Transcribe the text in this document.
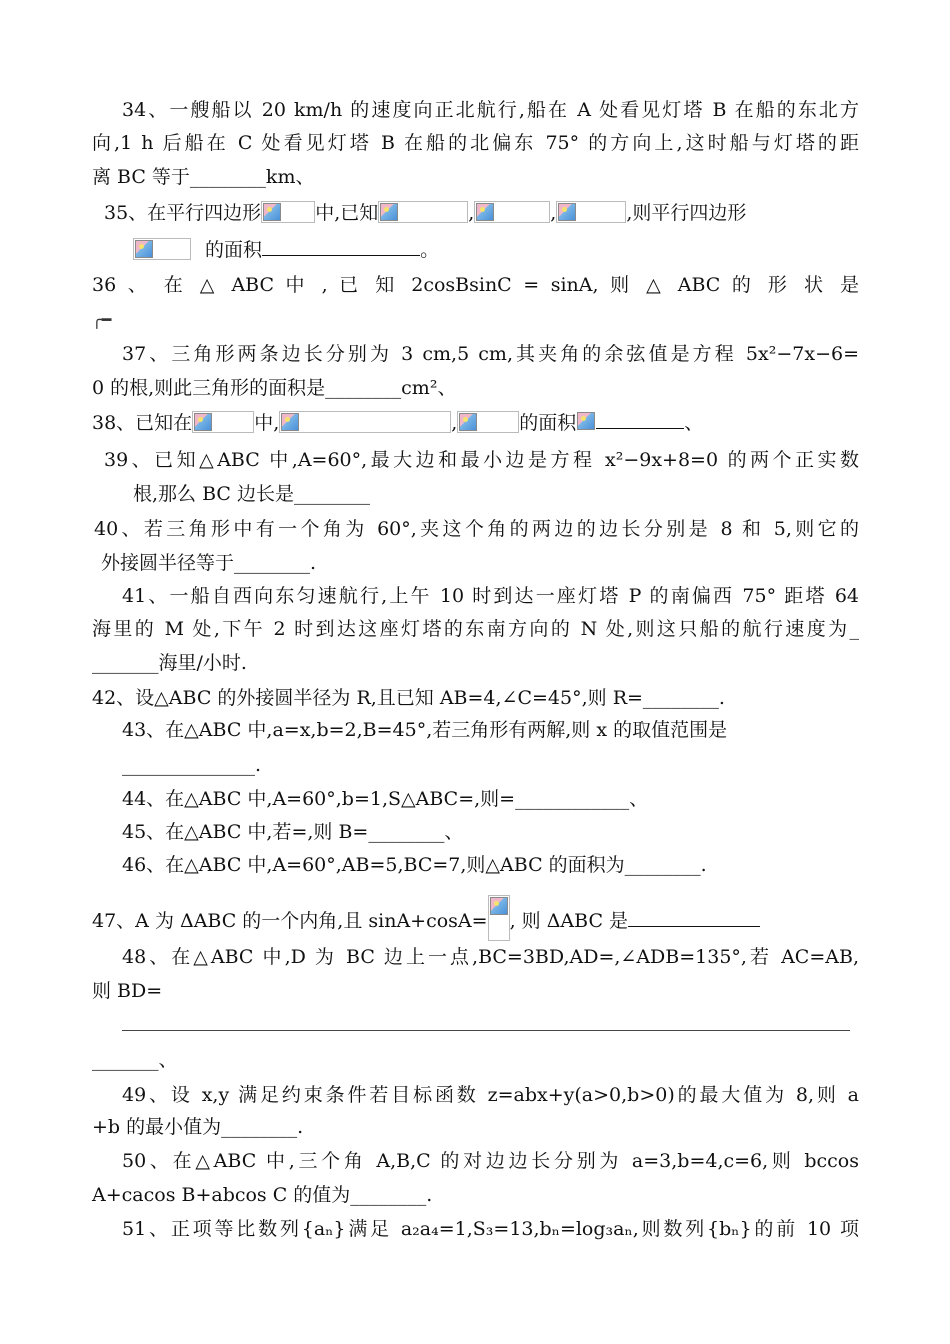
34、一艘船以 20 km/h 的速度向正北航行,船在 A 处看见灯塔 B 在船的东北方
向,1 h 后船在 C 处看见灯塔 B 在船的北偏东 75° 的方向上,这时船与灯塔的距
离 BC 等于________km、
35、在平行四边形	中,已知	,	,	,则平行四边形
的面积	。
36 、 在 △ ABC 中 , 已 知 2cosBsinC = sinA, 则 △ ABC 的 形 状 是
╭━
37、三角形两条边长分别为 3 cm,5 cm,其夹角的余弦值是方程 5x²−7x−6=
0 的根,则此三角形的面积是________cm²、
38、已知在	中,	,	的面积	、
39、已知△ABC 中,A=60°,最大边和最小边是方程 x²−9x+8=0 的两个正实数
根,那么 BC 边长是________
40、若三角形中有一个角为 60°,夹这个角的两边的边长分别是 8 和 5,则它的
外接圆半径等于________.
41、一船自西向东匀速航行,上午 10 时到达一座灯塔 P 的南偏西 75° 距塔 64
海里的 M 处,下午 2 时到达这座灯塔的东南方向的 N 处,则这只船的航行速度为_
_______海里/小时.
42、设△ABC 的外接圆半径为 R,且已知 AB=4,∠C=45°,则 R=________.
43、在△ABC 中,a=x,b=2,B=45°,若三角形有两解,则 x 的取值范围是
______________.
44、在△ABC 中,A=60°,b=1,S△ABC=,则=____________、
45、在△ABC 中,若=,则 B=________、
46、在△ABC 中,A=60°,AB=5,BC=7,则△ABC 的面积为________.
47、A 为 ΔABC 的一个内角,且 sinA+cosA= , 则 ΔABC 是
48、在△ABC 中,D 为 BC 边上一点,BC=3BD,AD=,∠ADB=135°,若 AC=AB,
则 BD=
_______、
49、设 x,y 满足约束条件若目标函数 z=abx+y(a>0,b>0)的最大值为 8,则 a
+b 的最小值为________.
50、在△ABC 中,三个角 A,B,C 的对边边长分别为 a=3,b=4,c=6,则 bccos
A+cacos B+abcos C 的值为________.
51、正项等比数列{aₙ}满足 a₂a₄=1,S₃=13,bₙ=log₃aₙ,则数列{bₙ}的前 10 项
